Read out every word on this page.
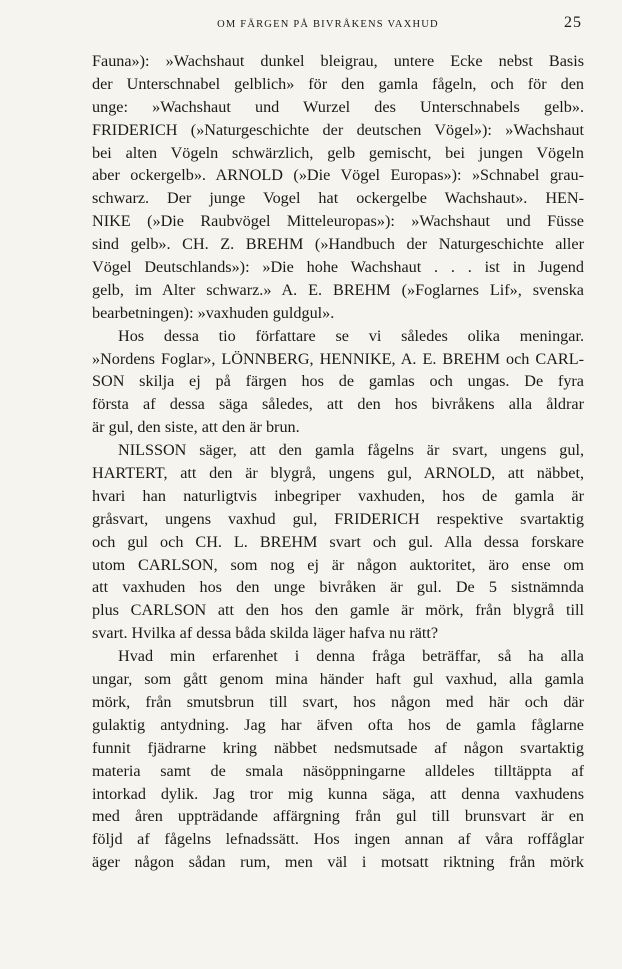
OM FÄRGEN PÅ BIVRÅKENS VAXHUD	25
Fauna»): »Wachshaut dunkel bleigrau, untere Ecke nebst Basis
der Unterschnabel gelblich» för den gamla fågeln, och för den
unge: »Wachshaut und Wurzel des Unterschnabels gelb».
FRIDERICH (»Naturgeschichte der deutschen Vögel»): »Wachshaut
bei alten Vögeln schwärzlich, gelb gemischt, bei jungen Vögeln
aber ockergelb». ARNOLD (»Die Vögel Europas»): »Schnabel grau-
schwarz. Der junge Vogel hat ockergelbe Wachshaut». HEN-
NIKE (»Die Raubvögel Mitteleuropas»): »Wachshaut und Füsse
sind gelb». CH. Z. BREHM (»Handbuch der Naturgeschichte aller
Vögel Deutschlands»): »Die hohe Wachshaut . . . ist in Jugend
gelb, im Alter schwarz.» A. E. BREHM (»Foglarnes Lif», svenska
bearbetningen): »vaxhuden guldgul».
Hos dessa tio författare se vi således olika meningar.
»Nordens Foglar», LÖNNBERG, HENNIKE, A. E. BREHM och CARL-
SON skilja ej på färgen hos de gamlas och ungas. De fyra
första af dessa säga således, att den hos bivråkens alla åldrar
är gul, den siste, att den är brun.
NILSSON säger, att den gamla fågelns är svart, ungens gul,
HARTERT, att den är blygrå, ungens gul, ARNOLD, att näbbet,
hvari han naturligtvis inbegriper vaxhuden, hos de gamla är
gråsvart, ungens vaxhud gul, FRIDERICH respektive svartaktig
och gul och CH. L. BREHM svart och gul. Alla dessa forskare
utom CARLSON, som nog ej är någon auktoritet, äro ense om
att vaxhuden hos den unge bivråken är gul. De 5 sistnämnda
plus CARLSON att den hos den gamle är mörk, från blygrå till
svart. Hvilka af dessa båda skilda läger hafva nu rätt?
Hvad min erfarenhet i denna fråga beträffar, så ha alla
ungar, som gått genom mina händer haft gul vaxhud, alla gamla
mörk, från smutsbrun till svart, hos någon med här och där
gulaktig antydning. Jag har äfven ofta hos de gamla fåglarne
funnit fjädrarne kring näbbet nedsmutsade af någon svartaktig
materia samt de smala näsöppningarne alldeles tilltäppta af
intorkad dylik. Jag tror mig kunna säga, att denna vaxhudens
med åren uppträdande affärgning från gul till brunsvart är en
följd af fågelns lefnadssätt. Hos ingen annan af våra roffåglar
äger någon sådan rum, men väl i motsatt riktning från mörk
